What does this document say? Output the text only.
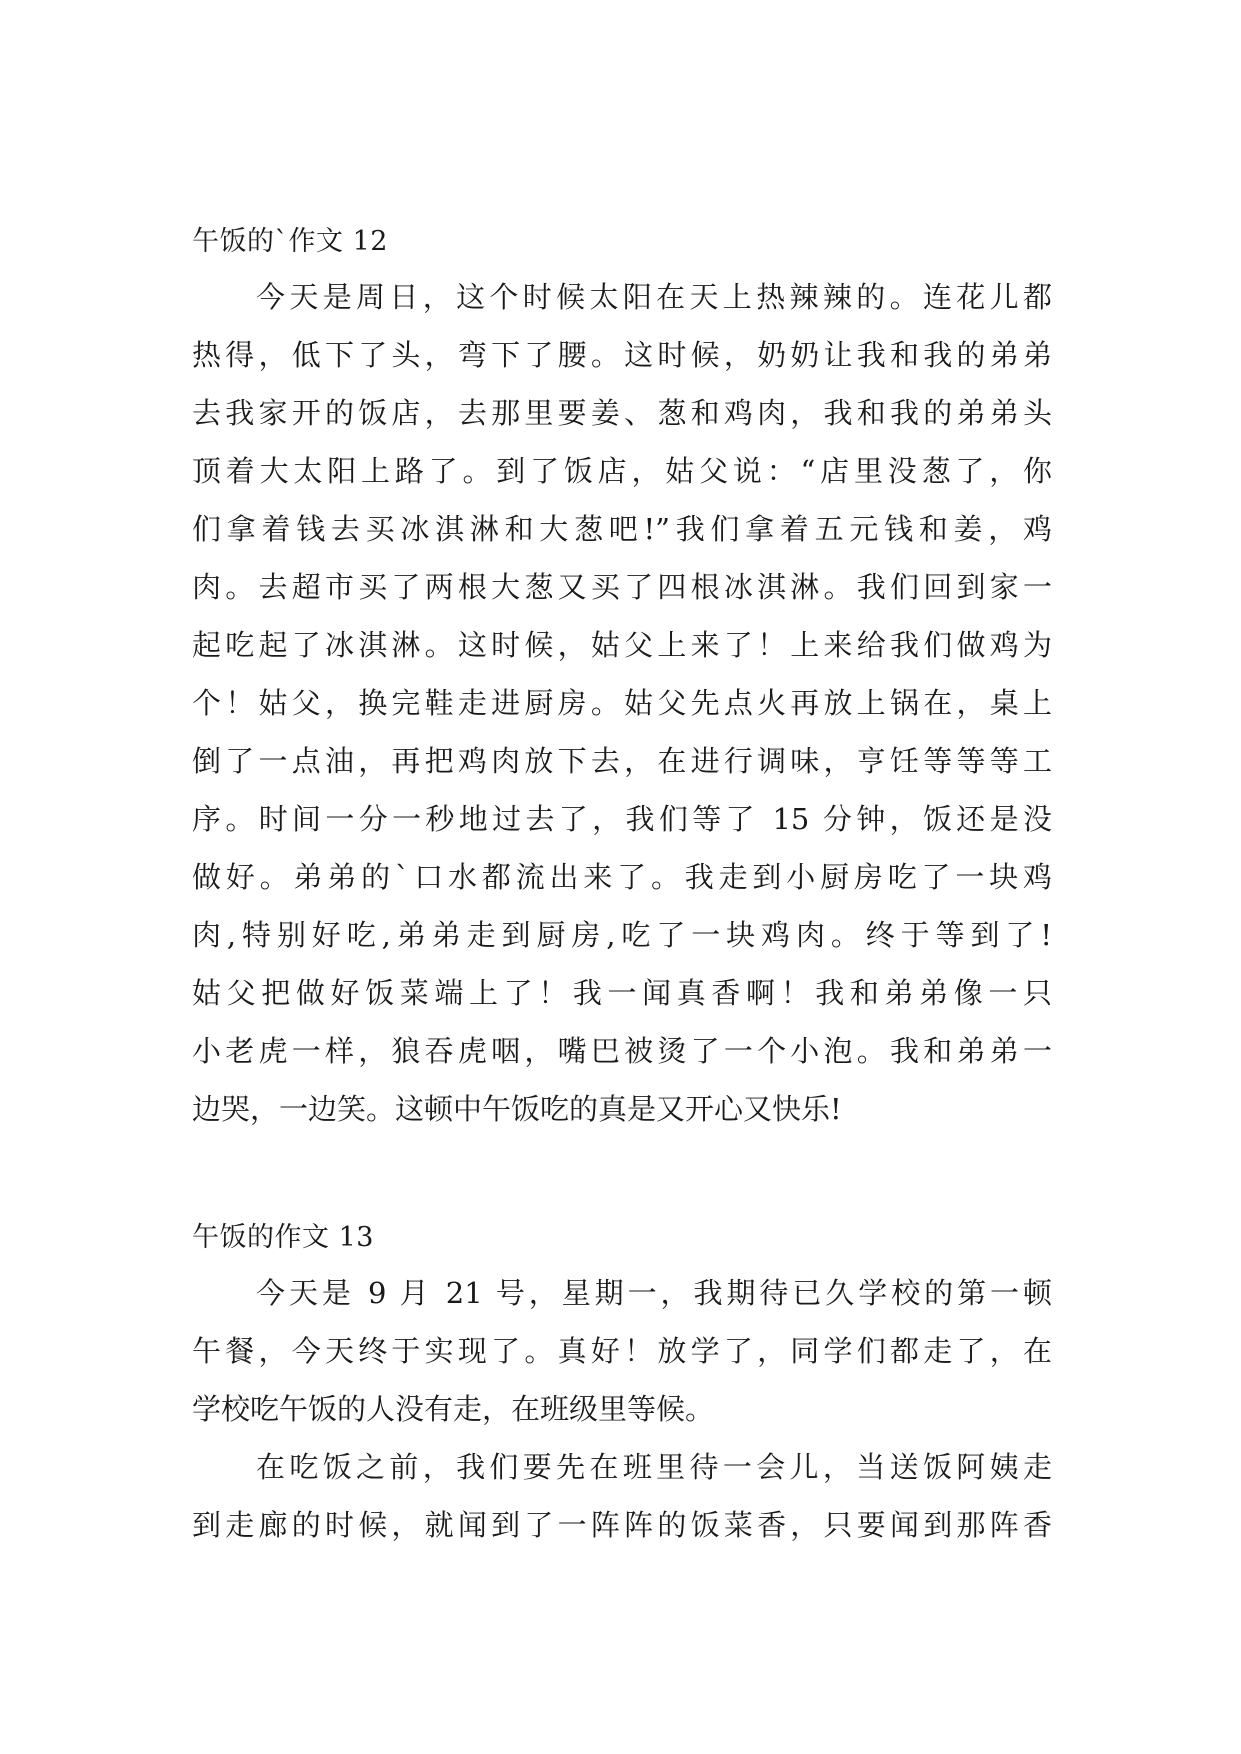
午饭的`作文 12

今天是周日，这个时候太阳在天上热辣辣的。连花儿都

热得，低下了头，弯下了腰。这时候，奶奶让我和我的弟弟

去我家开的饭店，去那里要姜、葱和鸡肉，我和我的弟弟头

顶着大太阳上路了。到了饭店，姑父说：“店里没葱了，你

们拿着钱去买冰淇淋和大葱吧!”我们拿着五元钱和姜，鸡

肉。去超市买了两根大葱又买了四根冰淇淋。我们回到家一

起吃起了冰淇淋。这时候，姑父上来了！上来给我们做鸡为

个！姑父，换完鞋走进厨房。姑父先点火再放上锅在，桌上

倒了一点油，再把鸡肉放下去，在进行调味，亨饪等等等工

序。时间一分一秒地过去了，我们等了 15 分钟，饭还是没

做好。弟弟的`口水都流出来了。我走到小厨房吃了一块鸡

肉,特别好吃,弟弟走到厨房,吃了一块鸡肉。终于等到了!

姑父把做好饭菜端上了！我一闻真香啊！我和弟弟像一只

小老虎一样，狼吞虎咽，嘴巴被烫了一个小泡。我和弟弟一

边哭，一边笑。这顿中午饭吃的真是又开心又快乐!

午饭的作文 13

今天是 9 月 21 号，星期一，我期待已久学校的第一顿

午餐，今天终于实现了。真好！放学了，同学们都走了，在

学校吃午饭的人没有走，在班级里等候。

在吃饭之前，我们要先在班里待一会儿，当送饭阿姨走

到走廊的时候，就闻到了一阵阵的饭菜香，只要闻到那阵香
